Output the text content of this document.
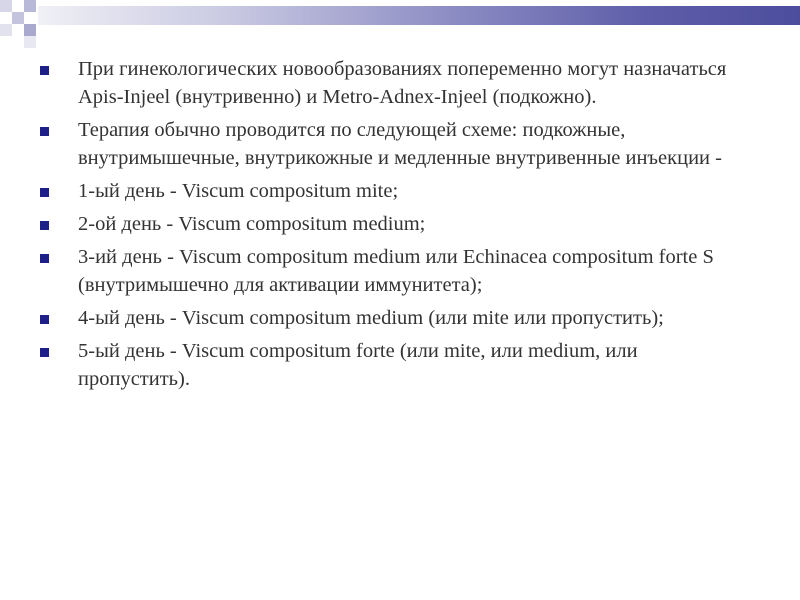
При гинекологических новообразованиях попеременно могут назначаться Apis-Injeel (внутривенно) и Metro-Adnex-Injeel (подкожно).
Терапия обычно проводится по следующей схеме: подкожные, внутримышечные, внутрикожные и медленные внутривенные инъекции -
1-ый день - Viscum compositum mite;
2-ой день - Viscum compositum medium;
3-ий день - Viscum compositum medium или Echinacea compositum forte S (внутримышечно для активации иммунитета);
4-ый день - Viscum compositum medium (или mite или пропустить);
5-ый день - Viscum compositum forte (или mite, или medium, или пропустить).
